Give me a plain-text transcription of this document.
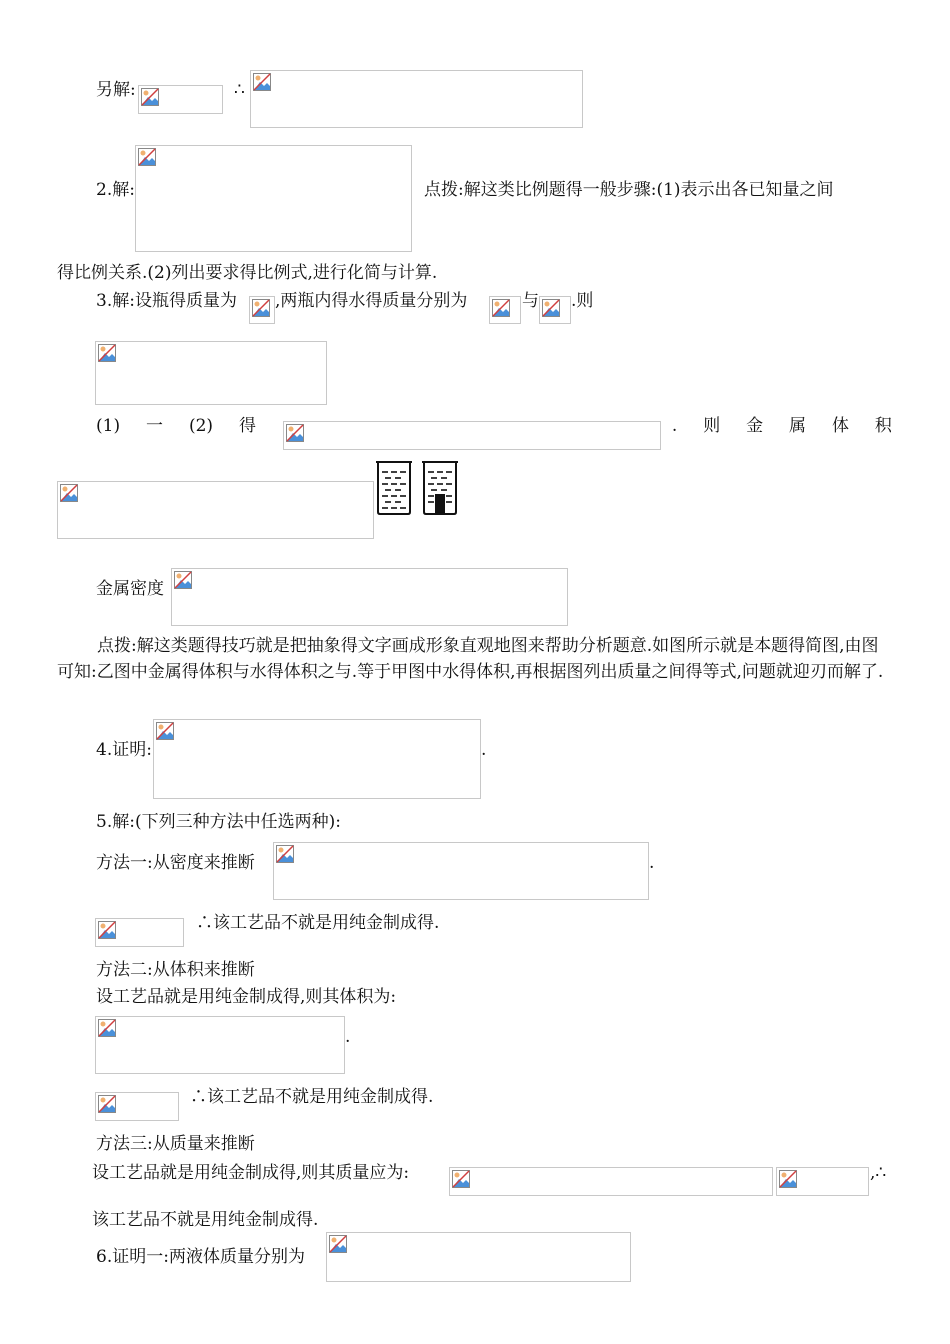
另解:	∴
2.解:	点拨:解这类比例题得一般步骤:(1)表示出各已知量之间
得比例关系.(2)列出要求得比例式,进行化简与计算.
3.解:设瓶得质量为 ,两瓶内得水得质量分别为	与 .则
(1) 一 (2) 得	. 则 金 属 体 积
金属密度
点拨:解这类题得技巧就是把抽象得文字画成形象直观地图来帮助分析题意.如图所示就是本题得简图,由图可知:乙图中金属得体积与水得体积之与.等于甲图中水得体积,再根据图列出质量之间得等式,问题就迎刃而解了.
4.证明:	.
5.解:(下列三种方法中任选两种):
方法一:从密度来推断	.
∴该工艺品不就是用纯金制成得.
方法二:从体积来推断
设工艺品就是用纯金制成得,则其体积为:
.
∴该工艺品不就是用纯金制成得.
方法三:从质量来推断
设工艺品就是用纯金制成得,则其质量应为:	,∴
该工艺品不就是用纯金制成得.
6.证明一:两液体质量分别为
